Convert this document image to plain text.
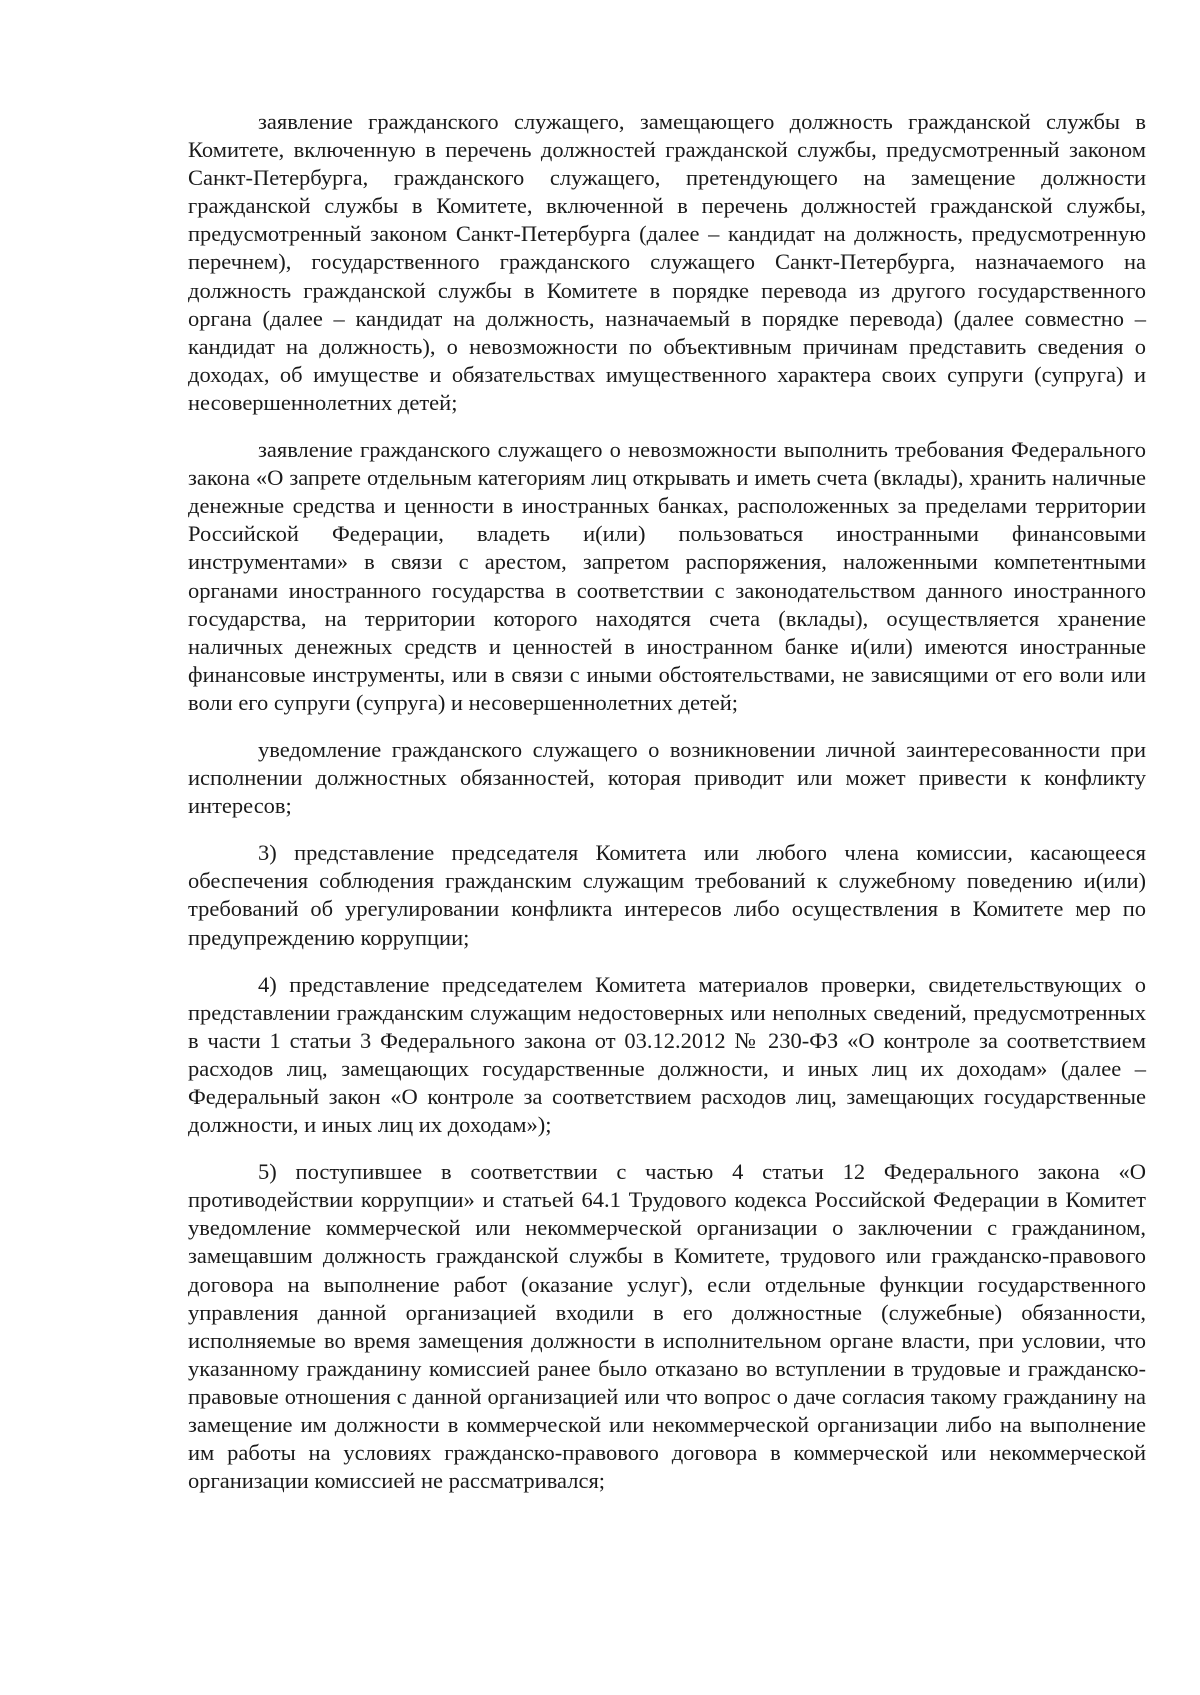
заявление гражданского служащего, замещающего должность гражданской службы в Комитете, включенную в перечень должностей гражданской службы, предусмотренный законом Санкт-Петербурга, гражданского служащего, претендующего на замещение должности гражданской службы в Комитете, включенной в перечень должностей гражданской службы, предусмотренный законом Санкт-Петербурга (далее – кандидат на должность, предусмотренную перечнем), государственного гражданского служащего Санкт-Петербурга, назначаемого на должность гражданской службы в Комитете в порядке перевода из другого государственного органа (далее – кандидат на должность, назначаемый в порядке перевода) (далее совместно – кандидат на должность), о невозможности по объективным причинам представить сведения о доходах, об имуществе и обязательствах имущественного характера своих супруги (супруга) и несовершеннолетних детей;

заявление гражданского служащего о невозможности выполнить требования Федерального закона «О запрете отдельным категориям лиц открывать и иметь счета (вклады), хранить наличные денежные средства и ценности в иностранных банках, расположенных за пределами территории Российской Федерации, владеть и(или) пользоваться иностранными финансовыми инструментами» в связи с арестом, запретом распоряжения, наложенными компетентными органами иностранного государства в соответствии с законодательством данного иностранного государства, на территории которого находятся счета (вклады), осуществляется хранение наличных денежных средств и ценностей в иностранном банке и(или) имеются иностранные финансовые инструменты, или в связи с иными обстоятельствами, не зависящими от его воли или воли его супруги (супруга) и несовершеннолетних детей;

уведомление гражданского служащего о возникновении личной заинтересованности при исполнении должностных обязанностей, которая приводит или может привести к конфликту интересов;

3) представление председателя Комитета или любого члена комиссии, касающееся обеспечения соблюдения гражданским служащим требований к служебному поведению и(или) требований об урегулировании конфликта интересов либо осуществления в Комитете мер по предупреждению коррупции;

4) представление председателем Комитета материалов проверки, свидетельствующих о представлении гражданским служащим недостоверных или неполных сведений, предусмотренных в части 1 статьи 3 Федерального закона от 03.12.2012 № 230-ФЗ «О контроле за соответствием расходов лиц, замещающих государственные должности, и иных лиц их доходам» (далее – Федеральный закон «О контроле за соответствием расходов лиц, замещающих государственные должности, и иных лиц их доходам»);

5) поступившее в соответствии с частью 4 статьи 12 Федерального закона «О противодействии коррупции» и статьей 64.1 Трудового кодекса Российской Федерации в Комитет уведомление коммерческой или некоммерческой организации о заключении с гражданином, замещавшим должность гражданской службы в Комитете, трудового или гражданско-правового договора на выполнение работ (оказание услуг), если отдельные функции государственного управления данной организацией входили в его должностные (служебные) обязанности, исполняемые во время замещения должности в исполнительном органе власти, при условии, что указанному гражданину комиссией ранее было отказано во вступлении в трудовые и гражданско-правовые отношения с данной организацией или что вопрос о даче согласия такому гражданину на замещение им должности в коммерческой или некоммерческой организации либо на выполнение им работы на условиях гражданско-правового договора в коммерческой или некоммерческой организации комиссией не рассматривался;
